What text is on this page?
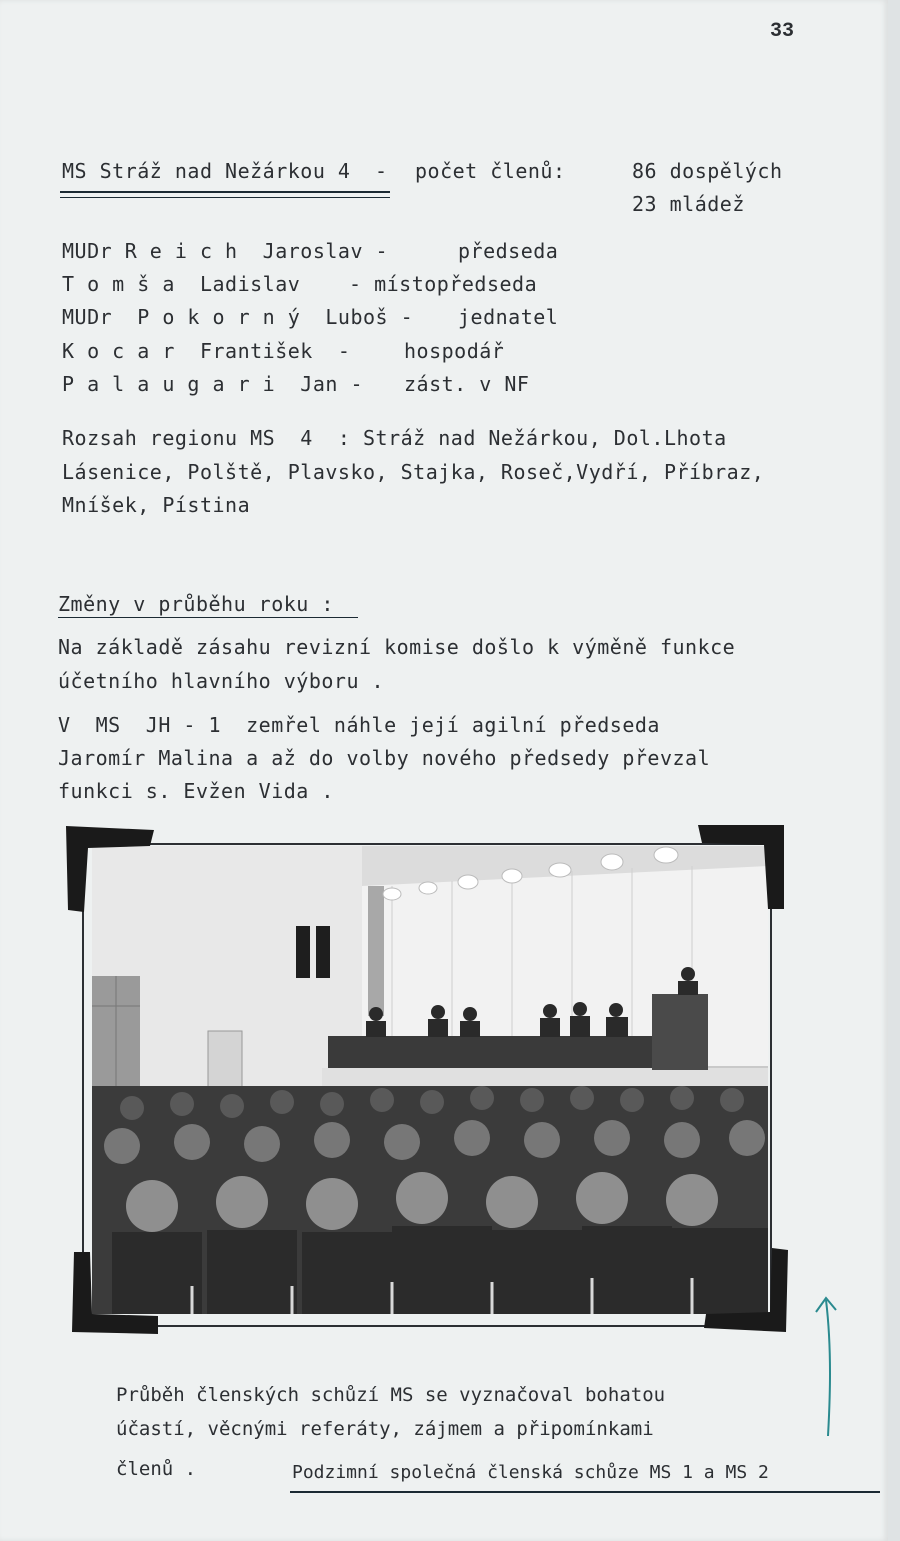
33
MS Stráž nad Nežárkou 4 - počet členů:	86 dospělých
23 mládež
MUDr R e i c h  Jaroslav -	předseda
T o m š a  Ladislav - místopředseda
MUDr  P o k o r n ý  Luboš - jednatel
K o c a r  František  -	hospodář
P a l a u g a r i  Jan - zást. v NF
Rozsah regionu MS  4  : Stráž nad Nežárkou, Dol.Lhota
Lásenice, Polště, Plavsko, Stajka, Roseč,Vydří, Příbraz,
Mníšek, Pístina
Změny v průběhu roku :
Na základě zásahu revizní komise došlo k výměně funkce
účetního hlavního výboru .
V  MS  JH - 1  zemřel náhle její agilní předseda
Jaromír Malina a až do volby nového předsedy převzal
funkci s. Evžen Vida .
Průběh členských schůzí MS se vyznačoval bohatou
účastí, věcnými referáty, zájmem a připomínkami
členů .	Podzimní společná členská schůze MS 1 a MS 2
